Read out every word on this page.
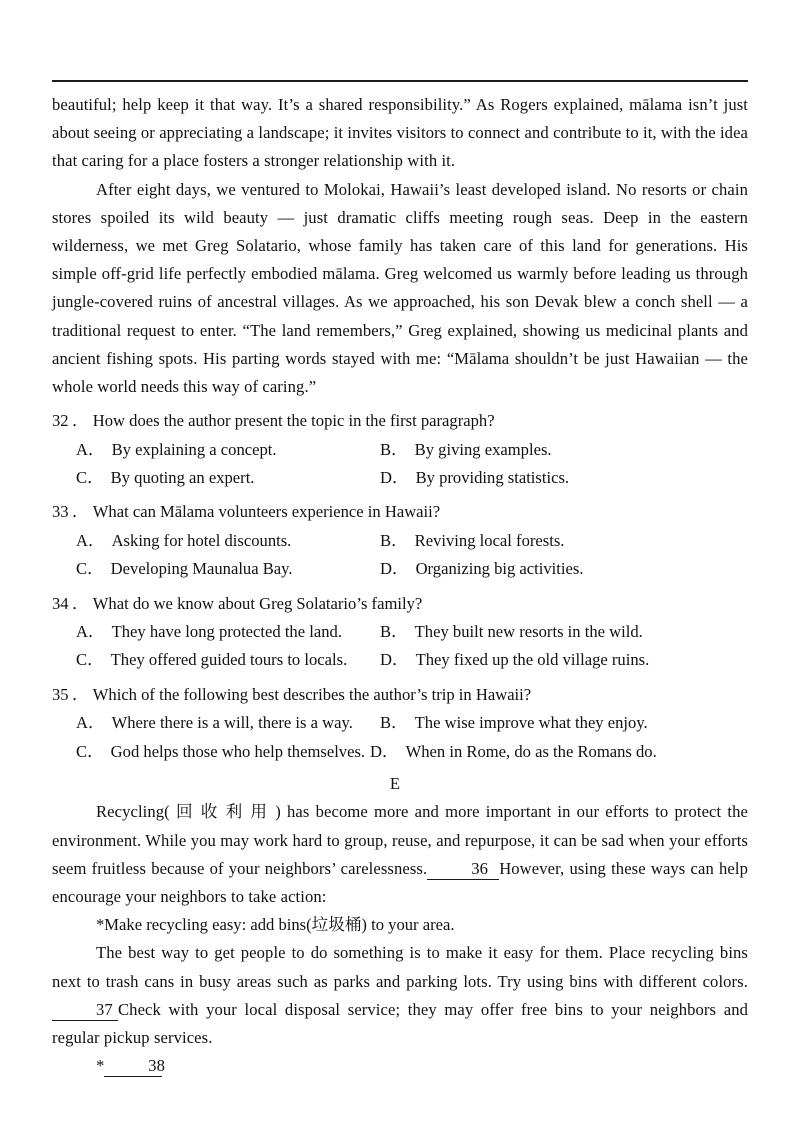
beautiful; help keep it that way. It’s a shared responsibility.” As Rogers explained, mālama isn’t just about seeing or appreciating a landscape; it invites visitors to connect and contribute to it, with the idea that caring for a place fosters a stronger relationship with it.

After eight days, we ventured to Molokai, Hawaii’s least developed island. No resorts or chain stores spoiled its wild beauty — just dramatic cliffs meeting rough seas. Deep in the eastern wilderness, we met Greg Solatario, whose family has taken care of this land for generations. His simple off-grid life perfectly embodied mālama. Greg welcomed us warmly before leading us through jungle-covered ruins of ancestral villages. As we approached, his son Devak blew a conch shell — a traditional request to enter. “The land remembers,” Greg explained, showing us medicinal plants and ancient fishing spots. His parting words stayed with me: “Mālama shouldn’t be just Hawaiian — the whole world needs this way of caring.”

32 ． How does the author present the topic in the first paragraph?

A． By explaining a concept.	B． By giving examples.
C． By quoting an expert.	D． By providing statistics.

33 ． What can Mālama volunteers experience in Hawaii?

A． Asking for hotel discounts.	B． Reviving local forests.
C． Developing Maunalua Bay.	D． Organizing big activities.

34 ． What do we know about Greg Solatario’s family?

A． They have long protected the land.	B． They built new resorts in the wild.
C． They offered guided tours to locals.	D． They fixed up the old village ruins.

35 ． Which of the following best describes the author’s trip in Hawaii?

A． Where there is a will, there is a way.	B． The wise improve what they enjoy.
C． God helps those who help themselves. D． When in Rome, do as the Romans do.

E

Recycling( 回 收 利 用 ) has become more and more important in our efforts to protect the environment. While you may work hard to group, reuse, and repurpose, it can be sad when your efforts seem fruitless because of your neighbors’ carelessness.	36 However, using these ways can help encourage your neighbors to take action:

*Make recycling easy: add bins(垃圾桶) to your area.

The best way to get people to do something is to make it easy for them. Place recycling bins next to trash cans in busy areas such as parks and parking lots. Try using bins with different colors.37 Check with your local disposal service; they may offer free bins to your neighbors and regular pickup services.

*	38
